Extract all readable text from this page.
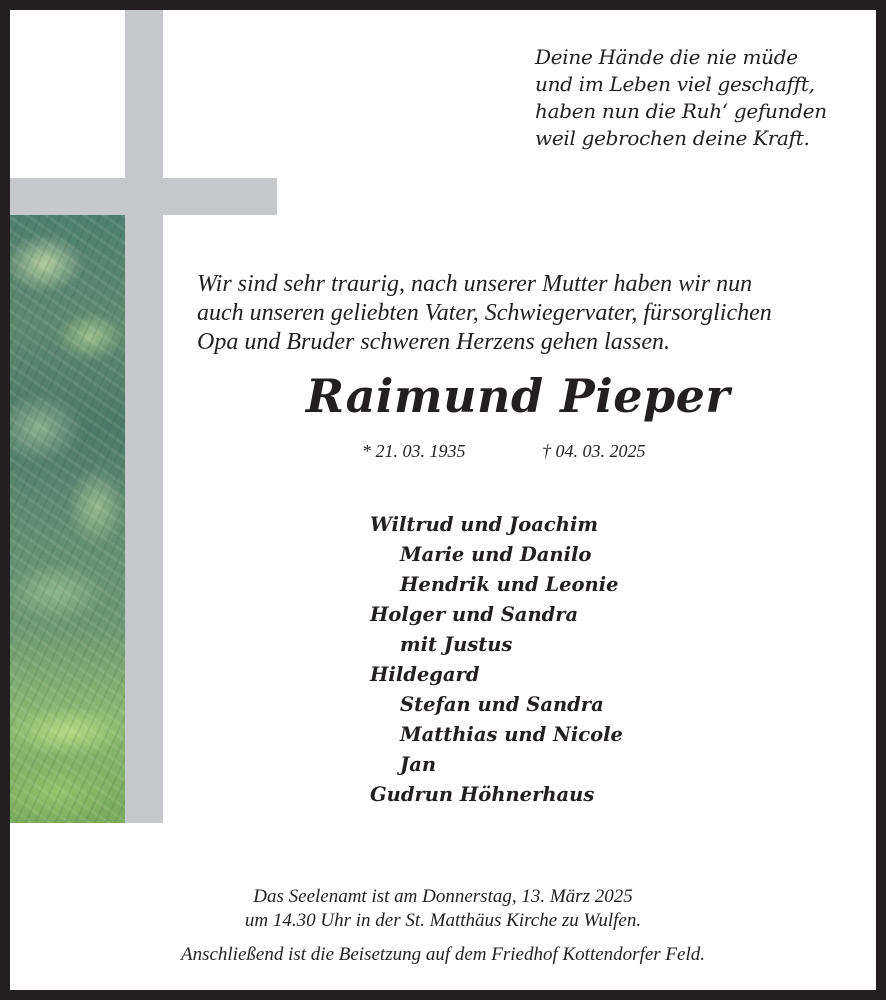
Deine Hände die nie müde
und im Leben viel geschafft,
haben nun die Ruh‘ gefunden
weil gebrochen deine Kraft.
Wir sind sehr traurig, nach unserer Mutter haben wir nun
auch unseren geliebten Vater, Schwiegervater, fürsorglichen
Opa und Bruder schweren Herzens gehen lassen.
Raimund Pieper
* 21. 03. 1935	† 04. 03. 2025
Wiltrud und Joachim
Marie und Danilo
Hendrik und Leonie
Holger und Sandra
mit Justus
Hildegard
Stefan und Sandra
Matthias und Nicole
Jan
Gudrun Höhnerhaus
Das Seelenamt ist am Donnerstag, 13. März 2025
um 14.30 Uhr in der St. Matthäus Kirche zu Wulfen.
Anschließend ist die Beisetzung auf dem Friedhof Kottendorfer Feld.
